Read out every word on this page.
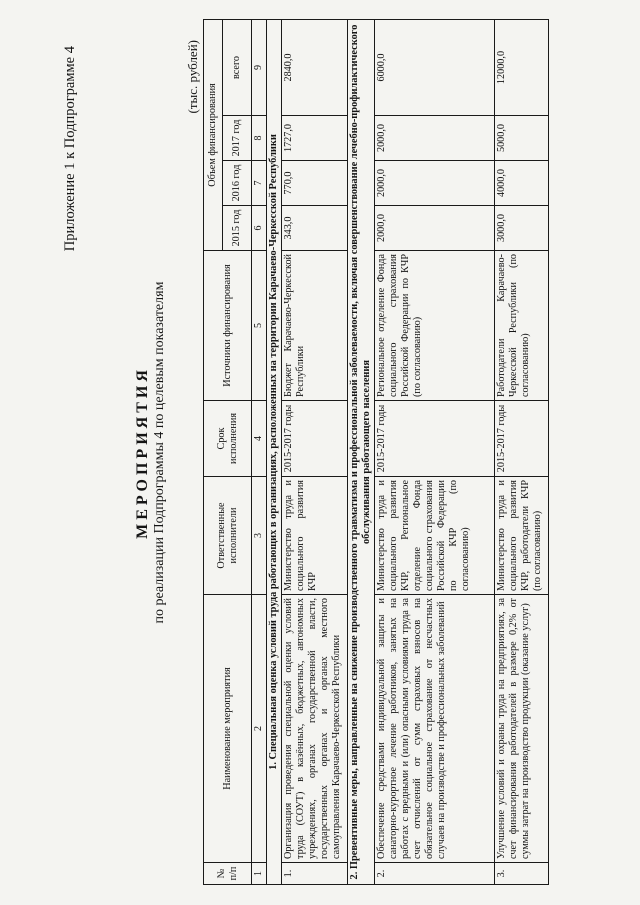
Приложение 1 к Подпрограмме 4
МЕРОПРИЯТИЯ по реализации Подпрограммы 4 по целевым показателям
(тыс. рублей)
№ п/п	Наименование мероприятия	Ответственные исполнители	Срок исполнения	Источники финансирования	Объем финансирования			
					2015 год	2016 год	2017 год	всего
1	2	3	4	5	6	7	8	9
1. Специальная оценка условий труда работающих в организациях, расположенных на территории Карачаево-Черкесской Республики								
1.	Организация проведения специальной оценки условий труда (СОУТ) в казённых, бюджетных, автономных учреждениях, органах государственной власти, государственных органах и органах местного самоуправления Карачаево-Черкесской Республики	Министерство труда и социального развития КЧР	2015-2017 годы	Бюджет Карачаево-Черкесской Республики	343,0	770,0	1727,0	2840,0
2. Превентивные меры, направленные на снижение производственного травматизма и профессиональной заболеваемости, включая совершенствование лечебно-профилактического обслуживания работающего населения								
2.	Обеспечение средствами индивидуальной защиты и санаторно-курортное лечение работников, занятых на работах с вредными и (или) опасными условиями труда за счет отчислений от сумм страховых взносов на обязательное социальное страхование от несчастных случаев на производстве и профессиональных заболеваний	Министерство труда и социального развития КЧР, Региональное отделение Фонда социального страхования Российской Федерации по КЧР (по согласованию)	2015-2017 годы	Региональное отделение Фонда социального страхования Российской Федерации по КЧР (по согласованию)	2000,0	2000,0	2000,0	6000,0
3.	Улучшение условий и охраны труда на предприятиях, за счет финансирования работодателей в размере 0,2% от суммы затрат на производство продукции (оказание услуг)	Министерство труда и социального развития КЧР, работодатели КЧР (по согласованию)	2015-2017 годы	Работодатели Карачаево-Черкесской Республики (по согласованию)	3000,0	4000,0	5000,0	12000,0
